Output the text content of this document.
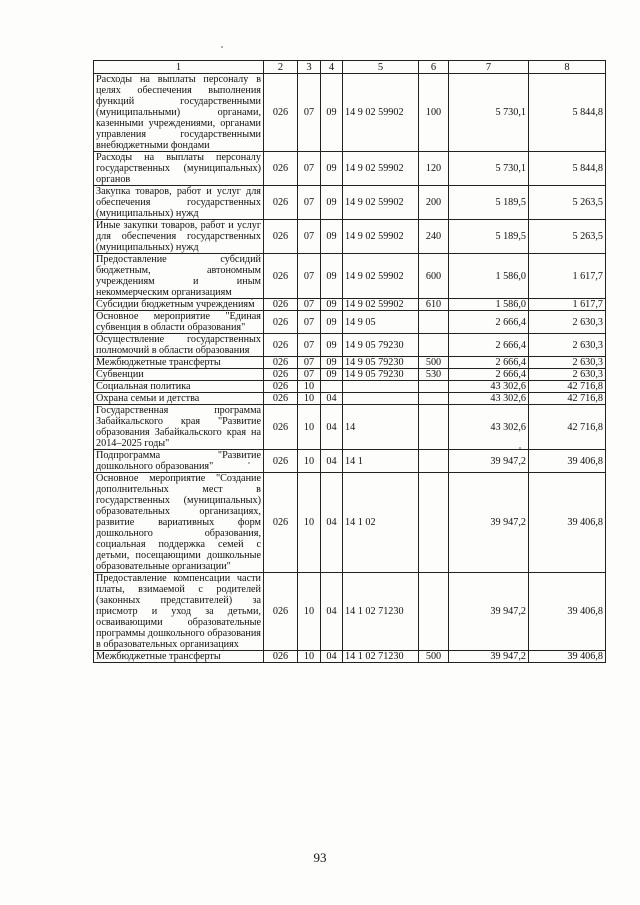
1	2	3	4	5	6	7	8
Расходы на выплаты персоналу в целях обеспечения выполнения функций государственными (муниципальными) органами, казенными учреждениями, органами управления государственными внебюджетными фондами	026	07	09	14 9 02 59902	100	5 730,1	5 844,8
Расходы на выплаты персоналу государственных (муниципальных) органов	026	07	09	14 9 02 59902	120	5 730,1	5 844,8
Закупка товаров, работ и услуг для обеспечения государственных (муниципальных) нужд	026	07	09	14 9 02 59902	200	5 189,5	5 263,5
Иные закупки товаров, работ и услуг для обеспечения государственных (муниципальных) нужд	026	07	09	14 9 02 59902	240	5 189,5	5 263,5
Предоставление субсидий бюджетным, автономным учреждениям и иным некоммерческим организациям	026	07	09	14 9 02 59902	600	1 586,0	1 617,7
Субсидии бюджетным учреждениям	026	07	09	14 9 02 59902	610	1 586,0	1 617,7
Основное мероприятие "Единая субвенция в области образования"	026	07	09	14 9 05		2 666,4	2 630,3
Осуществление государственных полномочий в области образования	026	07	09	14 9 05 79230		2 666,4	2 630,3
Межбюджетные трансферты	026	07	09	14 9 05 79230	500	2 666,4	2 630,3
Субвенции	026	07	09	14 9 05 79230	530	2 666,4	2 630,3
Социальная политика	026	10				43 302,6	42 716,8
Охрана семьи и детства	026	10	04			43 302,6	42 716,8
Государственная программа Забайкальского края "Развитие образования Забайкальского края на 2014–2025 годы"	026	10	04	14		43 302,6	42 716,8
Подпрограмма "Развитие дошкольного образования"	026	10	04	14 1		39 947,2	39 406,8
Основное мероприятие "Создание дополнительных мест в государственных (муниципальных) образовательных организациях, развитие вариативных форм дошкольного образования, социальная поддержка семей с детьми, посещающими дошкольные образовательные организации"	026	10	04	14 1 02		39 947,2	39 406,8
Предоставление компенсации части платы, взимаемой с родителей (законных представителей) за присмотр и уход за детьми, осваивающими образовательные программы дошкольного образования в образовательных организациях	026	10	04	14 1 02 71230		39 947,2	39 406,8
Межбюджетные трансферты	026	10	04	14 1 02 71230	500	39 947,2	39 406,8
93
